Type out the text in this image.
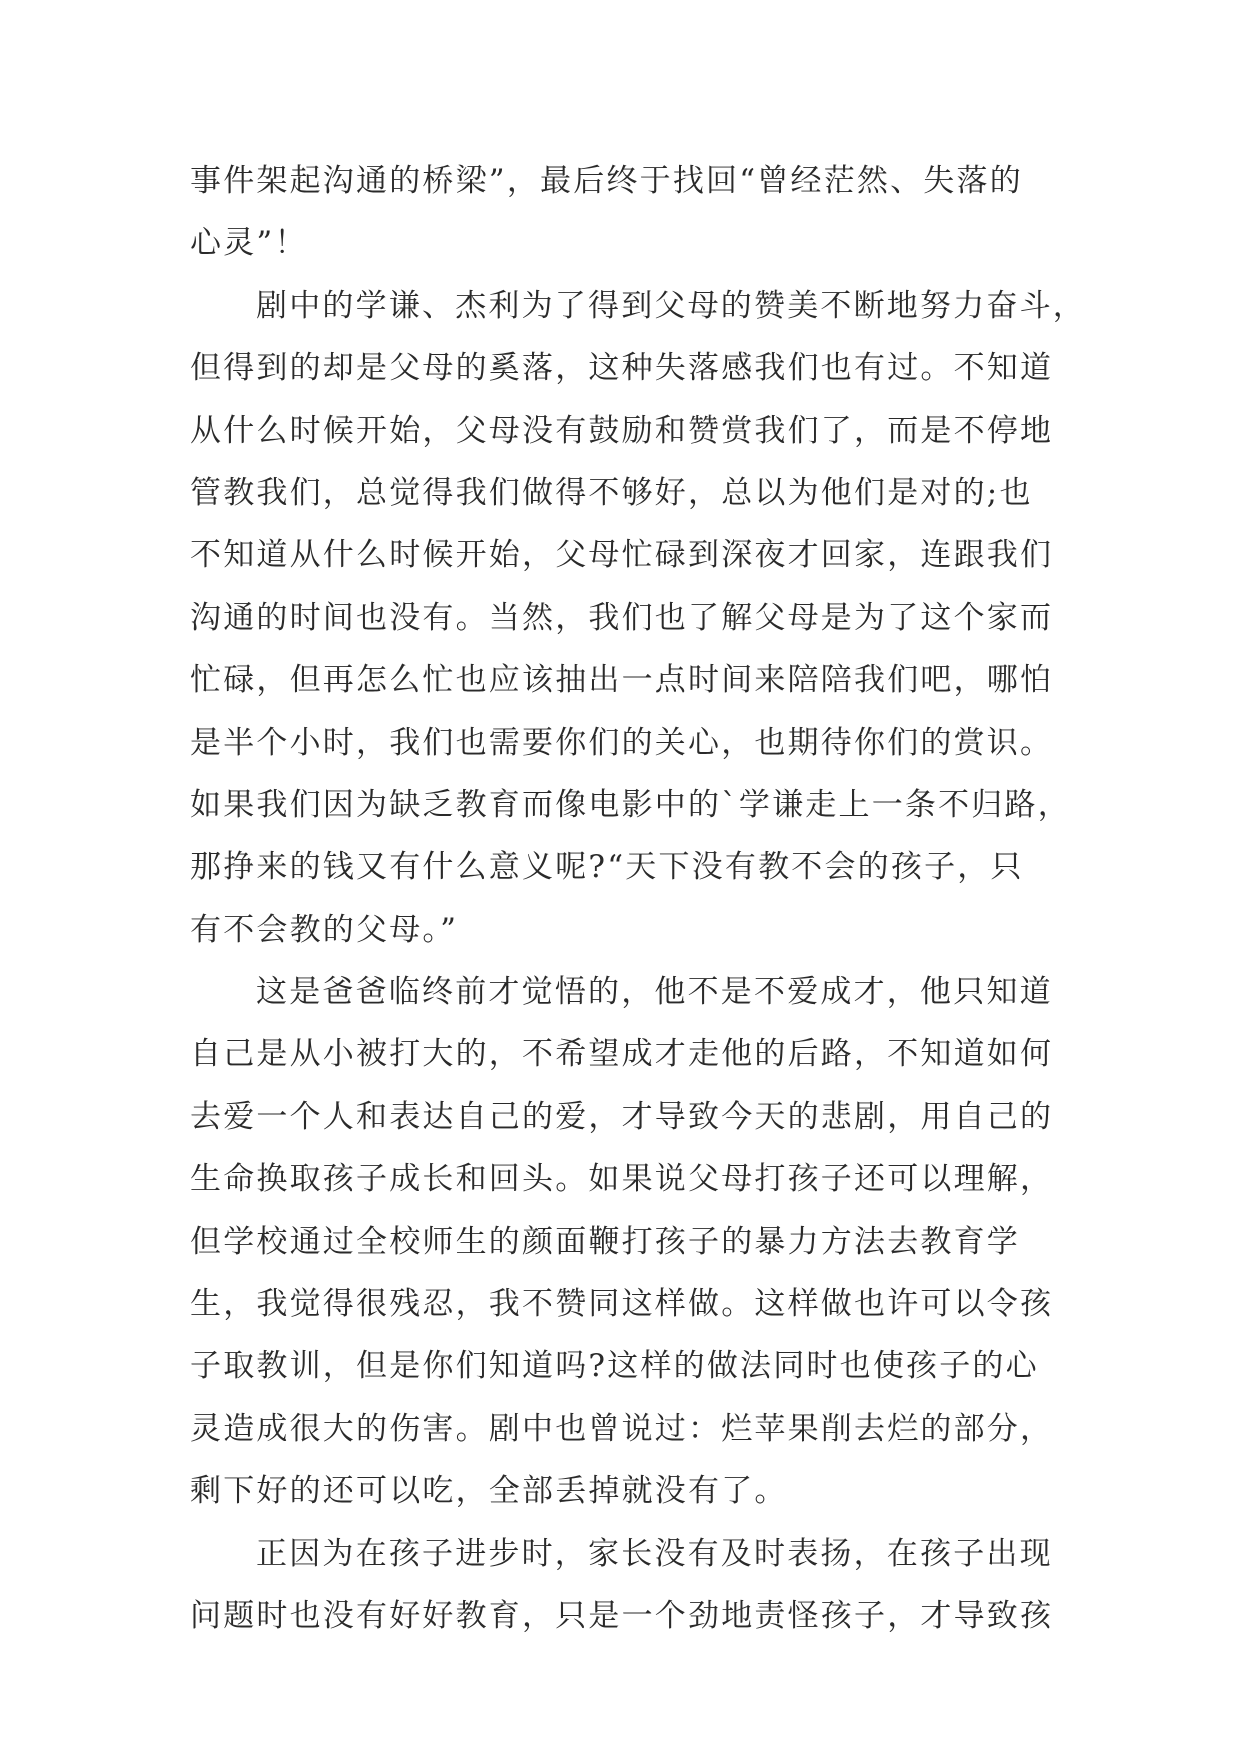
事件架起沟通的桥梁”，最后终于找回“曾经茫然、失落的
心灵”！
剧中的学谦、杰利为了得到父母的赞美不断地努力奋斗，
但得到的却是父母的奚落，这种失落感我们也有过。不知道
从什么时候开始，父母没有鼓励和赞赏我们了，而是不停地
管教我们，总觉得我们做得不够好，总以为他们是对的;也
不知道从什么时候开始，父母忙碌到深夜才回家，连跟我们
沟通的时间也没有。当然，我们也了解父母是为了这个家而
忙碌，但再怎么忙也应该抽出一点时间来陪陪我们吧，哪怕
是半个小时，我们也需要你们的关心，也期待你们的赏识。
如果我们因为缺乏教育而像电影中的`学谦走上一条不归路，
那挣来的钱又有什么意义呢?“天下没有教不会的孩子，只
有不会教的父母。”
这是爸爸临终前才觉悟的，他不是不爱成才，他只知道
自己是从小被打大的，不希望成才走他的后路，不知道如何
去爱一个人和表达自己的爱，才导致今天的悲剧，用自己的
生命换取孩子成长和回头。如果说父母打孩子还可以理解，
但学校通过全校师生的颜面鞭打孩子的暴力方法去教育学
生，我觉得很残忍，我不赞同这样做。这样做也许可以令孩
子取教训，但是你们知道吗?这样的做法同时也使孩子的心
灵造成很大的伤害。剧中也曾说过：烂苹果削去烂的部分，
剩下好的还可以吃，全部丢掉就没有了。
正因为在孩子进步时，家长没有及时表扬，在孩子出现
问题时也没有好好教育，只是一个劲地责怪孩子，才导致孩
